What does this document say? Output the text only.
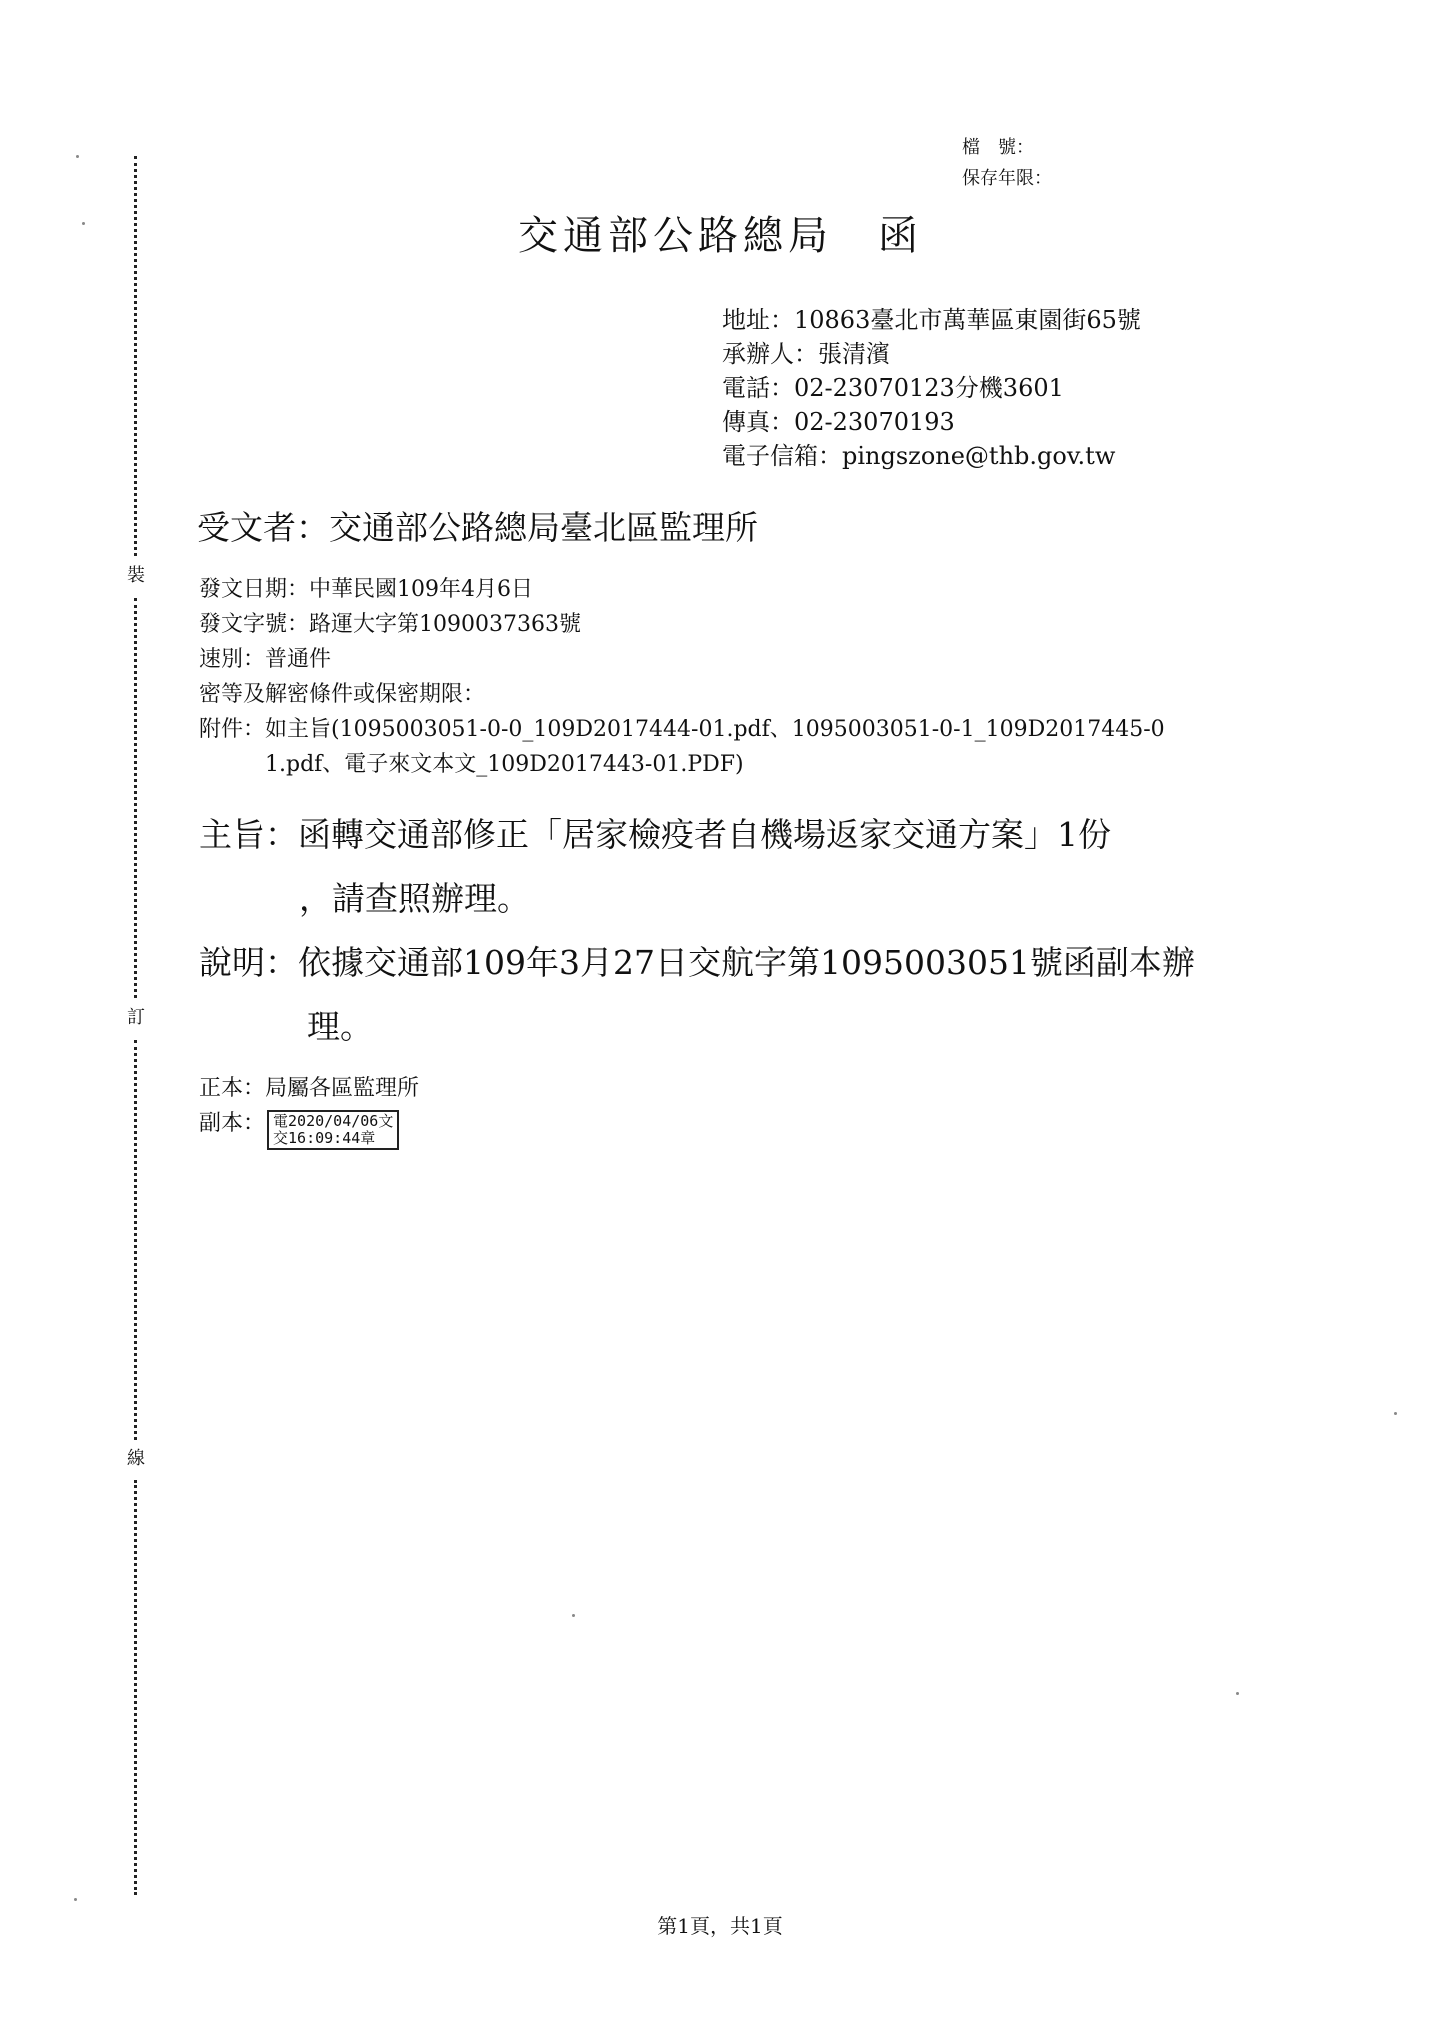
裝
訂
線
檔　號：
保存年限：
交通部公路總局　函
地址：10863臺北市萬華區東園街65號
承辦人：張清濱
電話：02-23070123分機3601
傳真：02-23070193
電子信箱：pingszone@thb.gov.tw
受文者：交通部公路總局臺北區監理所
發文日期：中華民國109年4月6日
發文字號：路運大字第1090037363號
速別：普通件
密等及解密條件或保密期限：
附件：如主旨(1095003051-0-0_109D2017444-01.pdf、1095003051-0-1_109D2017445-0
1.pdf、電子來文本文_109D2017443-01.PDF)
主旨：函轉交通部修正「居家檢疫者自機場返家交通方案」1份
，請查照辦理。
說明：依據交通部109年3月27日交航字第1095003051號函副本辦
理。
正本：局屬各區監理所
副本： 電2020/04/06文
交16:09:44章
第1頁，共1頁
